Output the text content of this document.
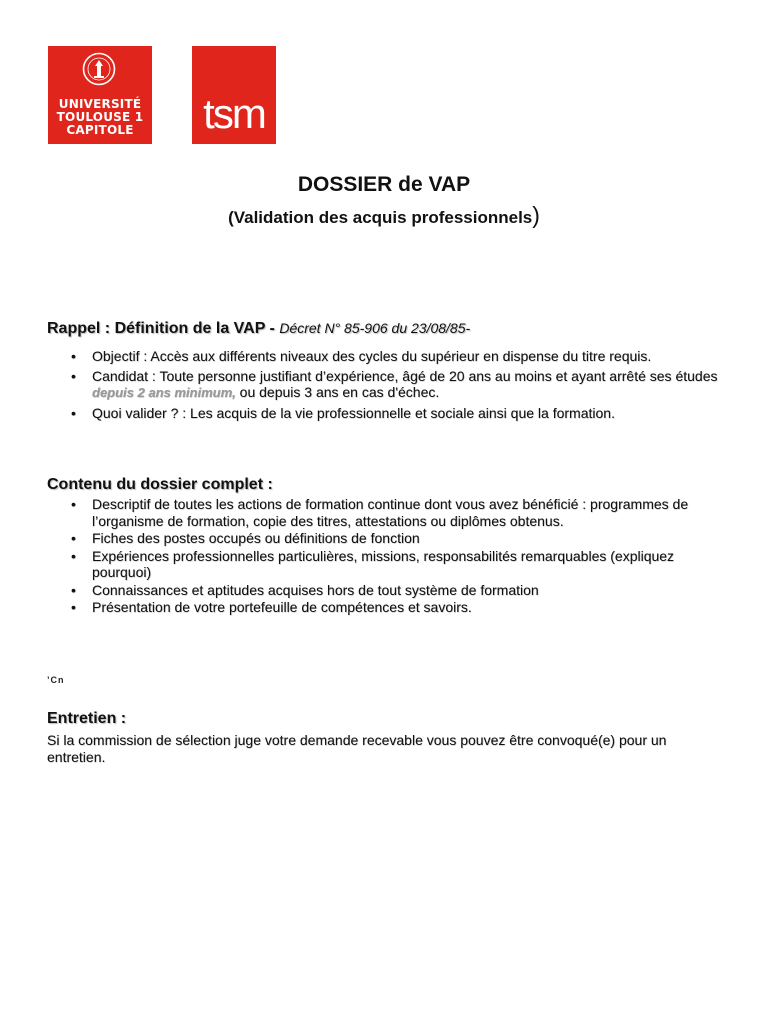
UNIVERSITÉ
TOULOUSE 1
CAPITOLE	tsm
DOSSIER de VAP
(Validation des acquis professionnels)
Rappel : Définition de la VAP - Décret N° 85-906 du 23/08/85-
• Objectif : Accès aux différents niveaux des cycles du supérieur en dispense du titre requis.
• Candidat : Toute personne justifiant d’expérience, âgé de 20 ans au moins et ayant arrêté ses études depuis 2 ans minimum, ou depuis 3 ans en cas d'échec.
• Quoi valider ? : Les acquis de la vie professionnelle et sociale ainsi que la formation.
Contenu du dossier complet :
• Descriptif de toutes les actions de formation continue dont vous avez bénéficié : programmes de l’organisme de formation, copie des titres, attestations ou diplômes obtenus.
• Fiches des postes occupés ou définitions de fonction
• Expériences professionnelles particulières, missions, responsabilités remarquables (expliquez pourquoi)
• Connaissances et aptitudes acquises hors de tout système de formation
• Présentation de votre portefeuille de compétences et savoirs.
’Cn
Entretien :
Si la commission de sélection juge votre demande recevable vous pouvez être convoqué(e) pour un entretien.
